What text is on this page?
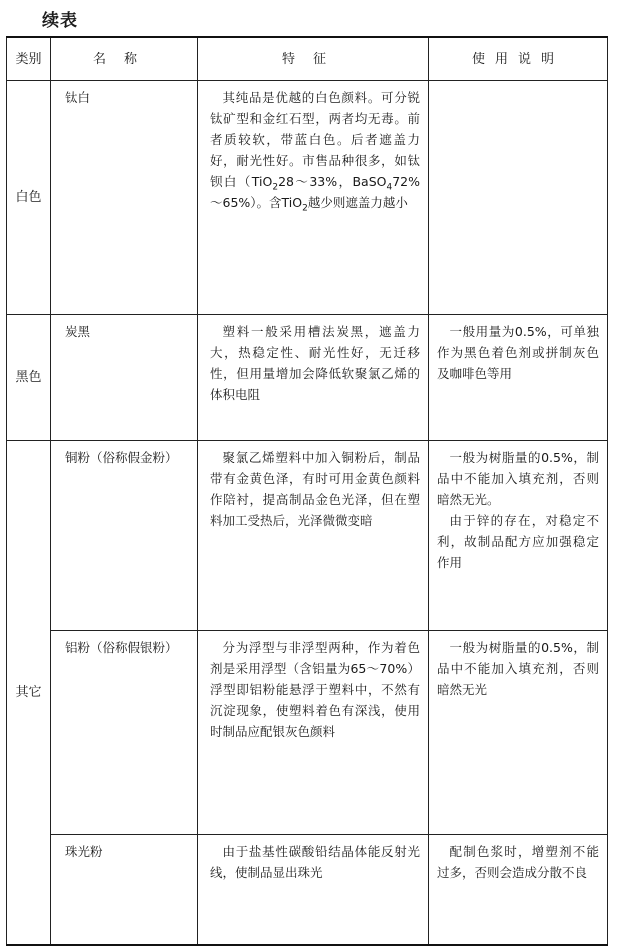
续表
类别	名称	特征	使用说明
白色	钛白	其纯品是优越的白色颜料。可分锐钛矿型和金红石型，两者均无毒。前者质较软，带蓝白色。后者遮盖力好，耐光性好。市售品种很多，如钛钡白（TiO$_2$28～33%，BaSO$_4$72%～65%）。含TiO$_2$越少则遮盖力越小	

黑色	炭黑	塑料一般采用槽法炭黑，遮盖力大，热稳定性、耐光性好，无迁移性，但用量增加会降低软聚氯乙烯的体积电阻	一般用量为0.5%，可单独作为黑色着色剂或拼制灰色及咖啡色等用

其它	铜粉（俗称假金粉）	聚氯乙烯塑料中加入铜粉后，制品带有金黄色泽，有时可用金黄色颜料作陪衬，提高制品金色光泽，但在塑料加工受热后，光泽微微变暗	一般为树脂量的0.5%，制品中不能加入填充剂，否则暗然无光。

由于锌的存在，对稳定不利，故制品配方应加强稳定作用

	铝粉（俗称假银粉）	分为浮型与非浮型两种，作为着色剂是采用浮型（含铝量为65～70%）浮型即铝粉能悬浮于塑料中，不然有沉淀现象，使塑料着色有深浅，使用时制品应配银灰色颜料	一般为树脂量的0.5%，制品中不能加入填充剂，否则暗然无光

	珠光粉	由于盐基性碳酸铅结晶体能反射光线，使制品显出珠光	配制色浆时，增塑剂不能过多，否则会造成分散不良
